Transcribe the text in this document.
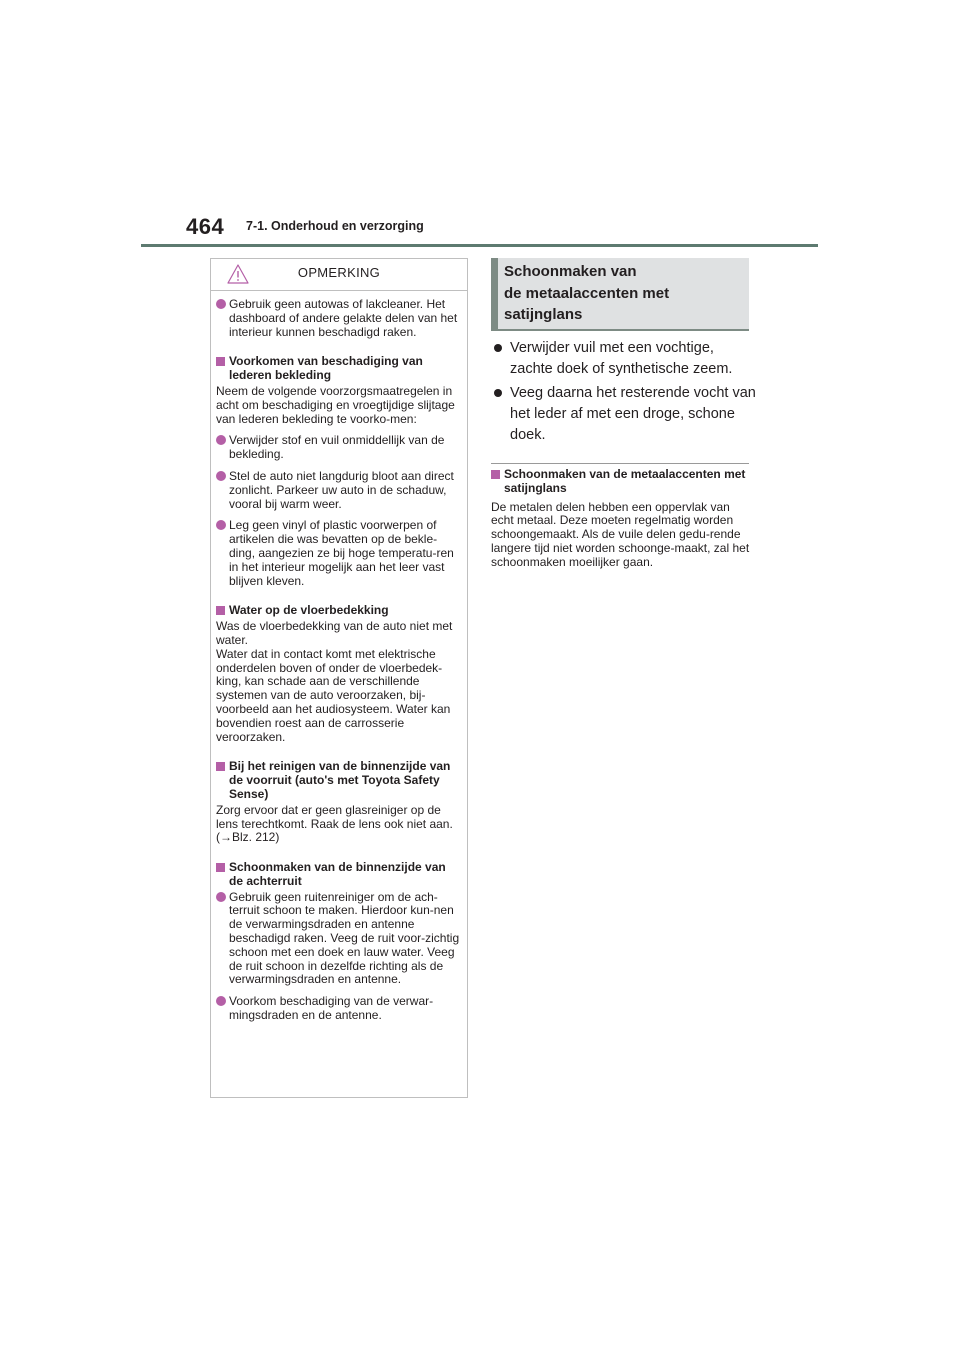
464 7-1. Onderhoud en verzorging
OPMERKING
Gebruik geen autowas of lakcleaner. Het dashboard of andere gelakte delen van het interieur kunnen beschadigd raken.
Voorkomen van beschadiging van lederen bekleding

Neem de volgende voorzorgsmaatregelen in acht om beschadiging en vroegtijdige slijtage van lederen bekleding te voorko-men:

Verwijder stof en vuil onmiddellijk van de bekleding.
Stel de auto niet langdurig bloot aan direct zonlicht. Parkeer uw auto in de schaduw, vooral bij warm weer.
Leg geen vinyl of plastic voorwerpen of artikelen die was bevatten op de bekle-ding, aangezien ze bij hoge temperatu-ren in het interieur mogelijk aan het leer vast blijven kleven.
Water op de vloerbedekking

Was de vloerbedekking van de auto niet met water.

Water dat in contact komt met elektrische onderdelen boven of onder de vloerbedek-king, kan schade aan de verschillende systemen van de auto veroorzaken, bij-voorbeeld aan het audiosysteem. Water kan bovendien roest aan de carrosserie veroorzaken.

Bij het reinigen van de binnenzijde van de voorruit (auto's met Toyota Safety Sense)

Zorg ervoor dat er geen glasreiniger op de lens terechtkomt. Raak de lens ook niet aan. (→Blz. 212)

Schoonmaken van de binnenzijde van de achterruit
Gebruik geen ruitenreiniger om de ach-terruit schoon te maken. Hierdoor kun-nen de verwarmingsdraden en antenne beschadigd raken. Veeg de ruit voor-zichtig schoon met een doek en lauw water. Veeg de ruit schoon in dezelfde richting als de verwarmingsdraden en antenne.
Voorkom beschadiging van de verwar-mingsdraden en de antenne.
Schoonmaken van
de metaalaccenten met
satijnglans
Verwijder vuil met een vochtige, zachte doek of synthetische zeem.
Veeg daarna het resterende vocht van het leder af met een droge, schone doek.
Schoonmaken van de metaalaccenten met satijnglans

De metalen delen hebben een oppervlak van echt metaal. Deze moeten regelmatig worden schoongemaakt. Als de vuile delen gedu-rende langere tijd niet worden schoonge-maakt, zal het schoonmaken moeilijker gaan.
